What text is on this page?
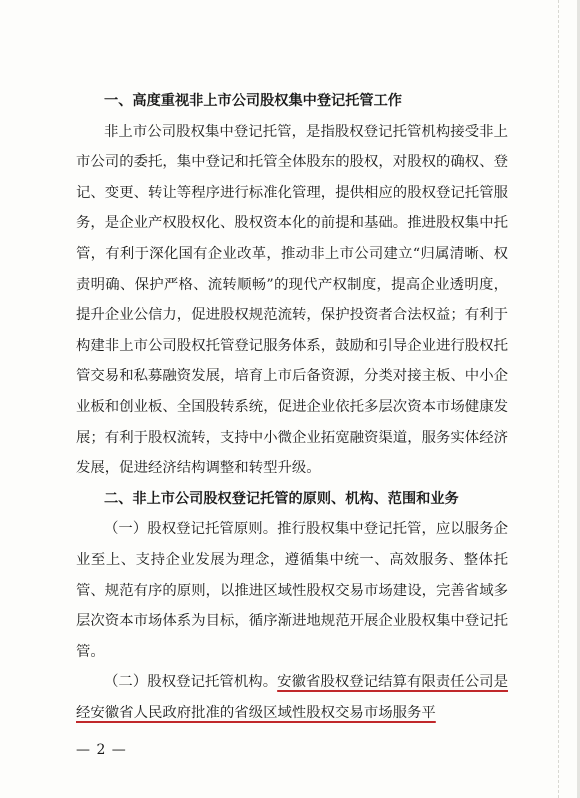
一、高度重视非上市公司股权集中登记托管工作

非上市公司股权集中登记托管，是指股权登记托管机构接受非上市公司的委托，集中登记和托管全体股东的股权，对股权的确权、登记、变更、转让等程序进行标准化管理，提供相应的股权登记托管服务，是企业产权股权化、股权资本化的前提和基础。推进股权集中托管，有利于深化国有企业改革，推动非上市公司建立“归属清晰、权责明确、保护严格、流转顺畅”的现代产权制度，提高企业透明度，提升企业公信力，促进股权规范流转，保护投资者合法权益；有利于构建非上市公司股权托管登记服务体系，鼓励和引导企业进行股权托管交易和私募融资发展，培育上市后备资源，分类对接主板、中小企业板和创业板、全国股转系统，促进企业依托多层次资本市场健康发展；有利于股权流转，支持中小微企业拓宽融资渠道，服务实体经济发展，促进经济结构调整和转型升级。

二、非上市公司股权登记托管的原则、机构、范围和业务

（一）股权登记托管原则。推行股权集中登记托管，应以服务企业至上、支持企业发展为理念，遵循集中统一、高效服务、整体托管、规范有序的原则，以推进区域性股权交易市场建设，完善省域多层次资本市场体系为目标，循序渐进地规范开展企业股权集中登记托管。

（二）股权登记托管机构。安徽省股权登记结算有限责任公司是经安徽省人民政府批准的省级区域性股权交易市场服务平

— 2 —
